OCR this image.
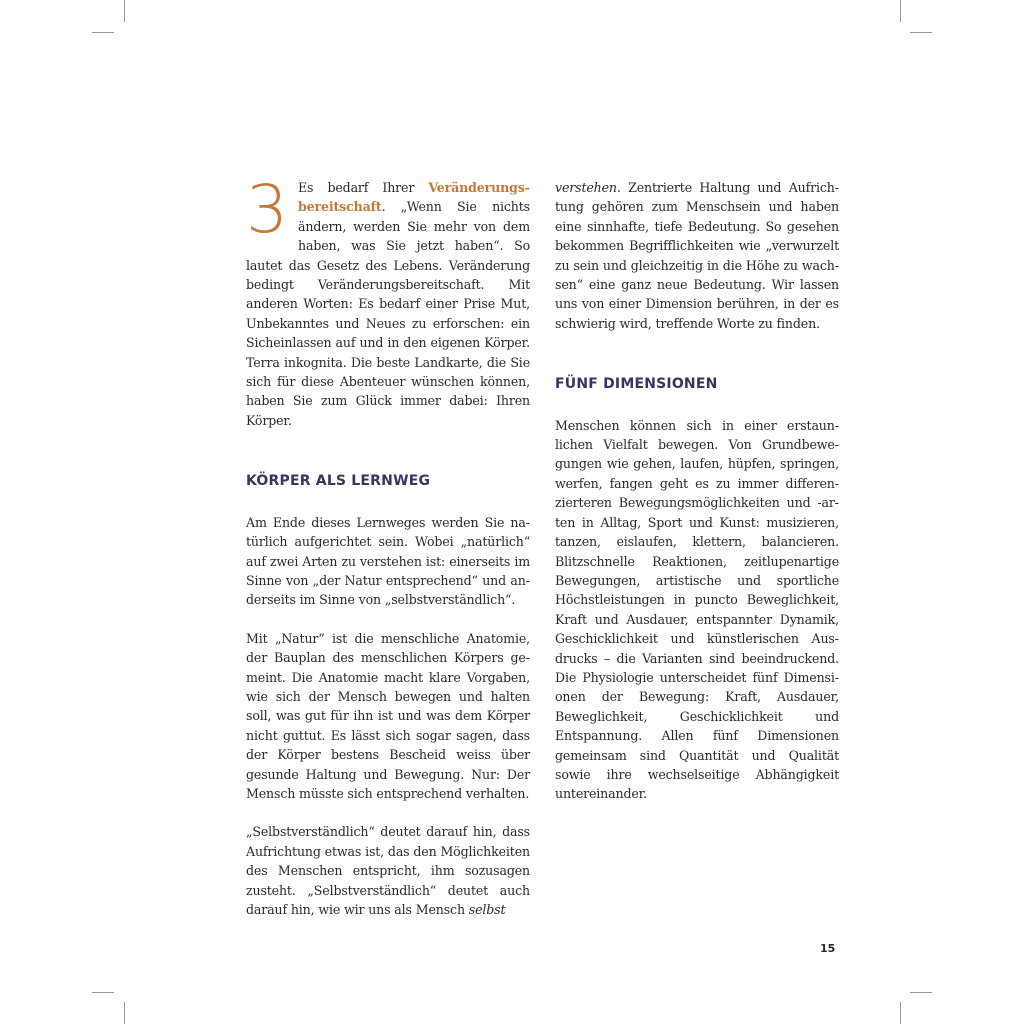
3 Es bedarf Ihrer Veränderungsbereitschaft. „Wenn Sie nichts ändern, werden Sie mehr von dem haben, was Sie jetzt haben“. So lautet das Gesetz des Lebens. Veränderung bedingt Veränderungsbereitschaft. Mit anderen Worten: Es bedarf einer Prise Mut, Unbekanntes und Neues zu erforschen: ein Sicheinlassen auf und in den eigenen Körper. Terra inkognita. Die beste Landkarte, die Sie sich für diese Abenteuer wünschen können, haben Sie zum Glück immer dabei: Ihren Körper.

KÖRPER ALS LERNWEG

Am Ende dieses Lernweges werden Sie natürlich aufgerichtet sein. Wobei „natürlich“ auf zwei Arten zu verstehen ist: einerseits im Sinne von „der Natur entsprechend“ und anderseits im Sinne von „selbstverständlich“.

Mit „Natur“ ist die menschliche Anatomie, der Bauplan des menschlichen Körpers gemeint. Die Anatomie macht klare Vorgaben, wie sich der Mensch bewegen und halten soll, was gut für ihn ist und was dem Körper nicht guttut. Es lässt sich sogar sagen, dass der Körper bestens Bescheid weiss über gesunde Haltung und Bewegung. Nur: Der Mensch müsste sich entsprechend verhalten.

„Selbstverständlich“ deutet darauf hin, dass Aufrichtung etwas ist, das den Möglichkeiten des Menschen entspricht, ihm sozusagen zusteht. „Selbstverständlich“ deutet auch darauf hin, wie wir uns als Mensch selbst

verstehen. Zentrierte Haltung und Aufrichtung gehören zum Menschsein und haben eine sinnhafte, tiefe Bedeutung. So gesehen bekommen Begrifflichkeiten wie „verwurzelt zu sein und gleichzeitig in die Höhe zu wachsen“ eine ganz neue Bedeutung. Wir lassen uns von einer Dimension berühren, in der es schwierig wird, treffende Worte zu finden.

FÜNF DIMENSIONEN

Menschen können sich in einer erstaunlichen Vielfalt bewegen. Von Grundbewegungen wie gehen, laufen, hüpfen, springen, werfen, fangen geht es zu immer differenzierteren Bewegungsmöglichkeiten und -arten in Alltag, Sport und Kunst: musizieren, tanzen, eislaufen, klettern, balancieren. Blitzschnelle Reaktionen, zeitlupenartige Bewegungen, artistische und sportliche Höchstleistungen in puncto Beweglichkeit, Kraft und Ausdauer, entspannter Dynamik, Geschicklichkeit und künstlerischen Ausdrucks – die Varianten sind beeindruckend. Die Physiologie unterscheidet fünf Dimensionen der Bewegung: Kraft, Ausdauer, Beweglichkeit, Geschicklichkeit und Entspannung. Allen fünf Dimensionen gemeinsam sind Quantität und Qualität sowie ihre wechselseitige Abhängigkeit untereinander.

15
